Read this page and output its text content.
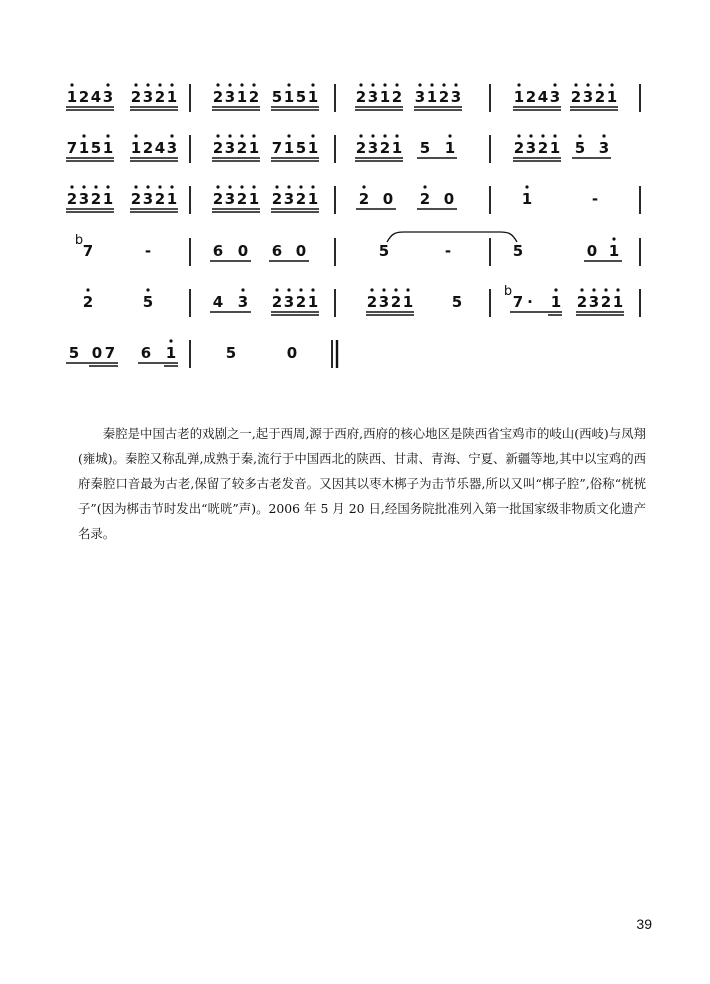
1 2 4 3 2 3 2 1 2 3 1 2 5 1 5 1	2 3 1 2 3 1 2 3	1 2 4 3 2 3 2 1
7 1 5 1 1 2 4 3 2 3 2 1 7 1 5 1	2 3 2 1 5 1	2 3 2 1 5 3
2 3 2 1 2 3 2 1 2 3 2 1 2 3 2 1	2 0 2 0	1	-
b
7	-	6 0 6 0	5	-	5	0 1
2	5	4 3 2 3 2 1	2 3 2 1	5
b
7 · 1 2 3 2 1
5 0 7 6 1	5	0

秦腔是中国古老的戏剧之一,起于西周,源于西府,西府的核心地区是陕西省宝鸡市的岐山(西岐)与凤翔(雍城)。秦腔又称乱弹,成熟于秦,流行于中国西北的陕西、甘肃、青海、宁夏、新疆等地,其中以宝鸡的西府秦腔口音最为古老,保留了较多古老发音。又因其以枣木梆子为击节乐器,所以又叫“梆子腔”,俗称“桄桄子”(因为梆击节时发出“咣咣”声)。2006 年 5 月 20 日,经国务院批准列入第一批国家级非物质文化遗产名录。

39
